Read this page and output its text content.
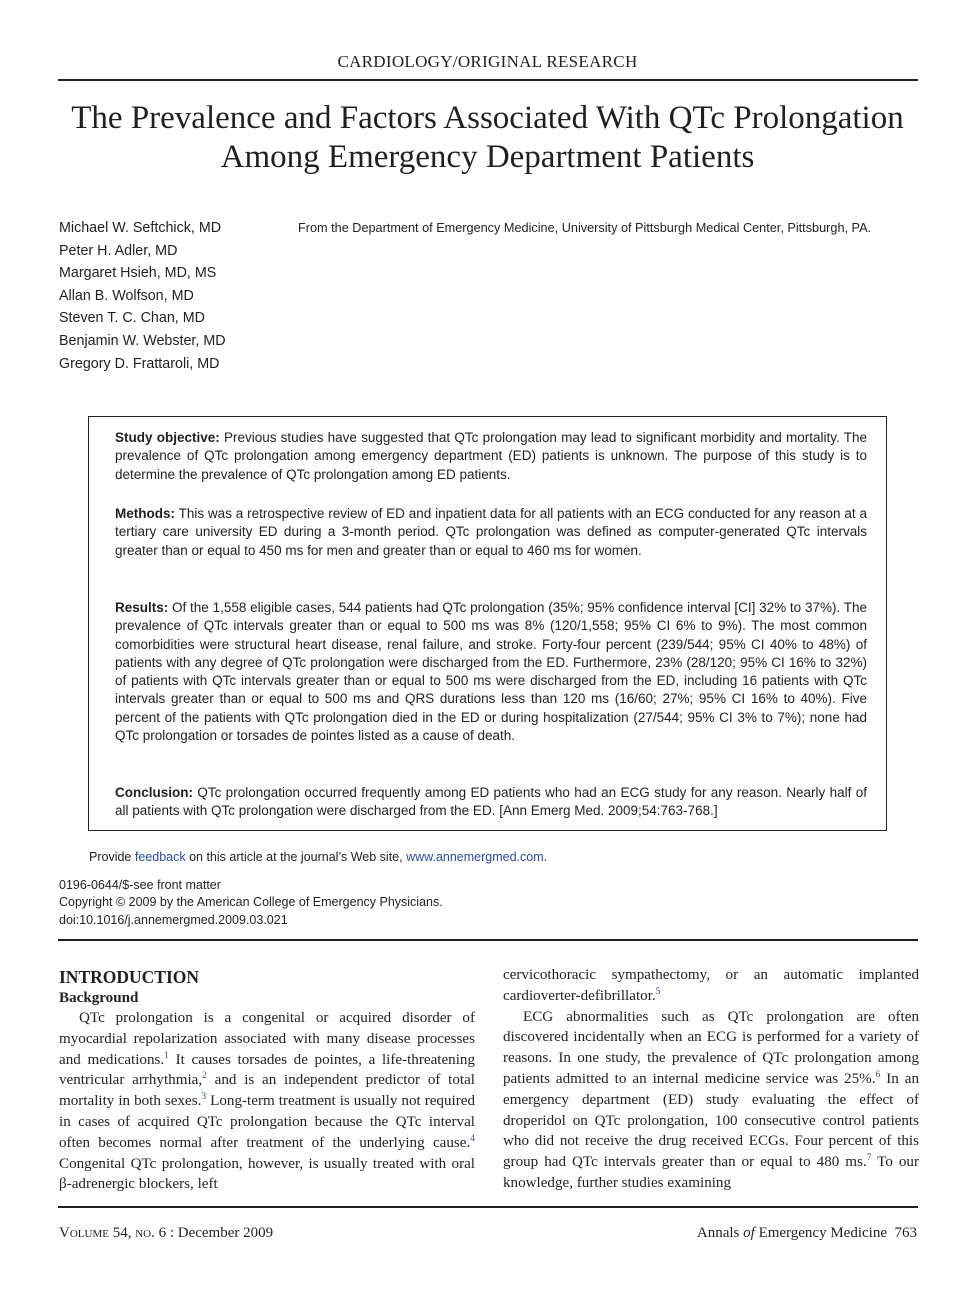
CARDIOLOGY/ORIGINAL RESEARCH
The Prevalence and Factors Associated With QTc Prolongation
Among Emergency Department Patients
Michael W. Seftchick, MD
Peter H. Adler, MD
Margaret Hsieh, MD, MS
Allan B. Wolfson, MD
Steven T. C. Chan, MD
Benjamin W. Webster, MD
Gregory D. Frattaroli, MD
From the Department of Emergency Medicine, University of Pittsburgh Medical Center, Pittsburgh, PA.
Study objective: Previous studies have suggested that QTc prolongation may lead to significant morbidity and mortality. The prevalence of QTc prolongation among emergency department (ED) patients is unknown. The purpose of this study is to determine the prevalence of QTc prolongation among ED patients.
Methods: This was a retrospective review of ED and inpatient data for all patients with an ECG conducted for any reason at a tertiary care university ED during a 3-month period. QTc prolongation was defined as computer-generated QTc intervals greater than or equal to 450 ms for men and greater than or equal to 460 ms for women.
Results: Of the 1,558 eligible cases, 544 patients had QTc prolongation (35%; 95% confidence interval [CI] 32% to 37%). The prevalence of QTc intervals greater than or equal to 500 ms was 8% (120/1,558; 95% CI 6% to 9%). The most common comorbidities were structural heart disease, renal failure, and stroke. Forty-four percent (239/544; 95% CI 40% to 48%) of patients with any degree of QTc prolongation were discharged from the ED. Furthermore, 23% (28/120; 95% CI 16% to 32%) of patients with QTc intervals greater than or equal to 500 ms were discharged from the ED, including 16 patients with QTc intervals greater than or equal to 500 ms and QRS durations less than 120 ms (16/60; 27%; 95% CI 16% to 40%). Five percent of the patients with QTc prolongation died in the ED or during hospitalization (27/544; 95% CI 3% to 7%); none had QTc prolongation or torsades de pointes listed as a cause of death.
Conclusion: QTc prolongation occurred frequently among ED patients who had an ECG study for any reason. Nearly half of all patients with QTc prolongation were discharged from the ED. [Ann Emerg Med. 2009;54:763-768.]
Provide feedback on this article at the journal’s Web site, www.annemergmed.com.
0196-0644/$-see front matter
Copyright © 2009 by the American College of Emergency Physicians.
doi:10.1016/j.annemergmed.2009.03.021
INTRODUCTION
Background

QTc prolongation is a congenital or acquired disorder of myocardial repolarization associated with many disease processes and medications.$^1$ It causes torsades de pointes, a life-threatening ventricular arrhythmia,$^2$ and is an independent predictor of total mortality in both sexes.$^3$ Long-term treatment is usually not required in cases of acquired QTc prolongation because the QTc interval often becomes normal after treatment of the underlying cause.$^4$ Congenital QTc prolongation, however, is usually treated with oral β-adrenergic blockers, left

cervicothoracic sympathectomy, or an automatic implanted cardioverter-defibrillator.$^5$

ECG abnormalities such as QTc prolongation are often discovered incidentally when an ECG is performed for a variety of reasons. In one study, the prevalence of QTc prolongation among patients admitted to an internal medicine service was 25%.$^6$ In an emergency department (ED) study evaluating the effect of droperidol on QTc prolongation, 100 consecutive control patients who did not receive the drug received ECGs. Four percent of this group had QTc intervals greater than or equal to 480 ms.$^7$ To our knowledge, further studies examining

Volume 54, no. 6 : December 2009	Annals of Emergency Medicine 763
